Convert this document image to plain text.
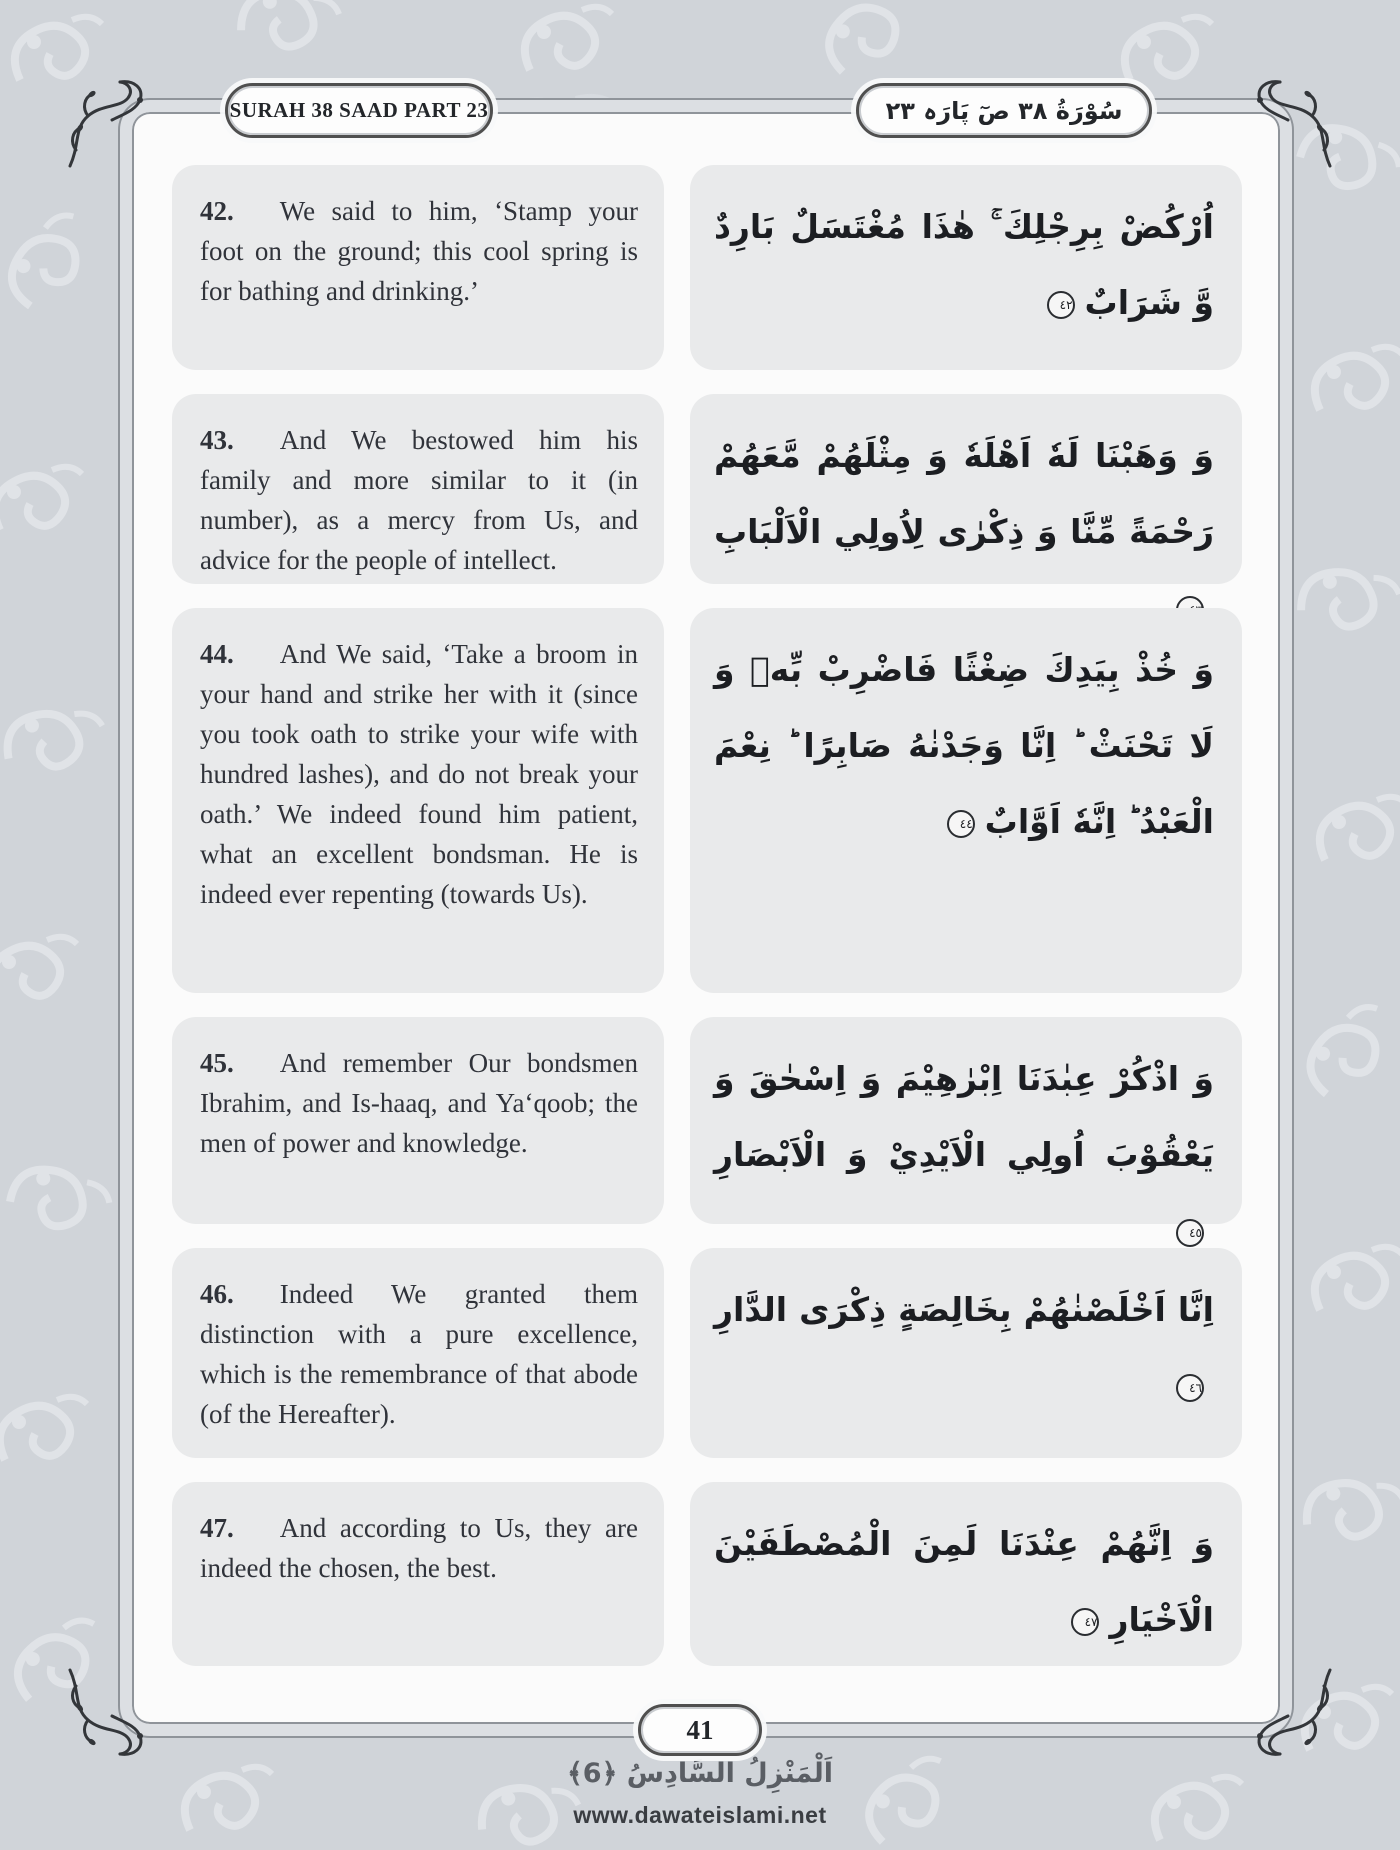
SURAH 38 SAAD PART 23	سُوْرَةُ ۳۸ صٓ پَارَہ ۲۳
42. We said to him, ‘Stamp your foot on the ground; this cool spring is for bathing and drinking.’
اُرْكُضْ بِرِجْلِكَ ۚ هٰذَا مُغْتَسَلٌ بَارِدٌ وَّ شَرَابٌ٤٢
43. And We bestowed him his family and more similar to it (in number), as a mercy from Us, and advice for the people of intellect.
وَ وَهَبْنَا لَهٗ اَهْلَهٗ وَ مِثْلَهُمْ مَّعَهُمْ رَحْمَةً مِّنَّا وَ ذِكْرٰى لِاُولِي الْاَلْبَابِ
44. And We said, ‘Take a broom in your hand and strike her with it (since you took oath to strike your wife with hundred lashes), and do not break your oath.’ We indeed found him patient, what an excellent bondsman. He is indeed ever repenting (towards Us).
وَ خُذْ بِيَدِكَ ضِغْثًا فَاضْرِبْ بِّهٖ وَ لَا تَحْنَثْ ؕ اِنَّا وَجَدْنٰهُ صَابِرًا ؕ نِعْمَ الْعَبْدُ ؕ اِنَّهٗ اَوَّابٌ٤٤
45. And remember Our bondsmen Ibrahim, and Is-haaq, and Ya‘qoob; the men of power and knowledge.
وَ اذْكُرْ عِبٰدَنَا اِبْرٰهِيْمَ وَ اِسْحٰقَ وَ يَعْقُوْبَ اُولِي الْاَيْدِيْ وَ الْاَبْصَارِ٤٥
46. Indeed We granted them distinction with a pure excellence, which is the remembrance of that abode (of the Hereafter).
اِنَّا اَخْلَصْنٰهُمْ بِخَالِصَةٍ ذِكْرَى الدَّارِ٤٦
47. And according to Us, they are indeed the chosen, the best.
وَ اِنَّهُمْ عِنْدَنَا لَمِنَ الْمُصْطَفَيْنَ الْاَخْيَارِ٤٧
41
اَلْمَنْزِلُ السَّادِسُ ﴿6﴾
www.dawateislami.net
